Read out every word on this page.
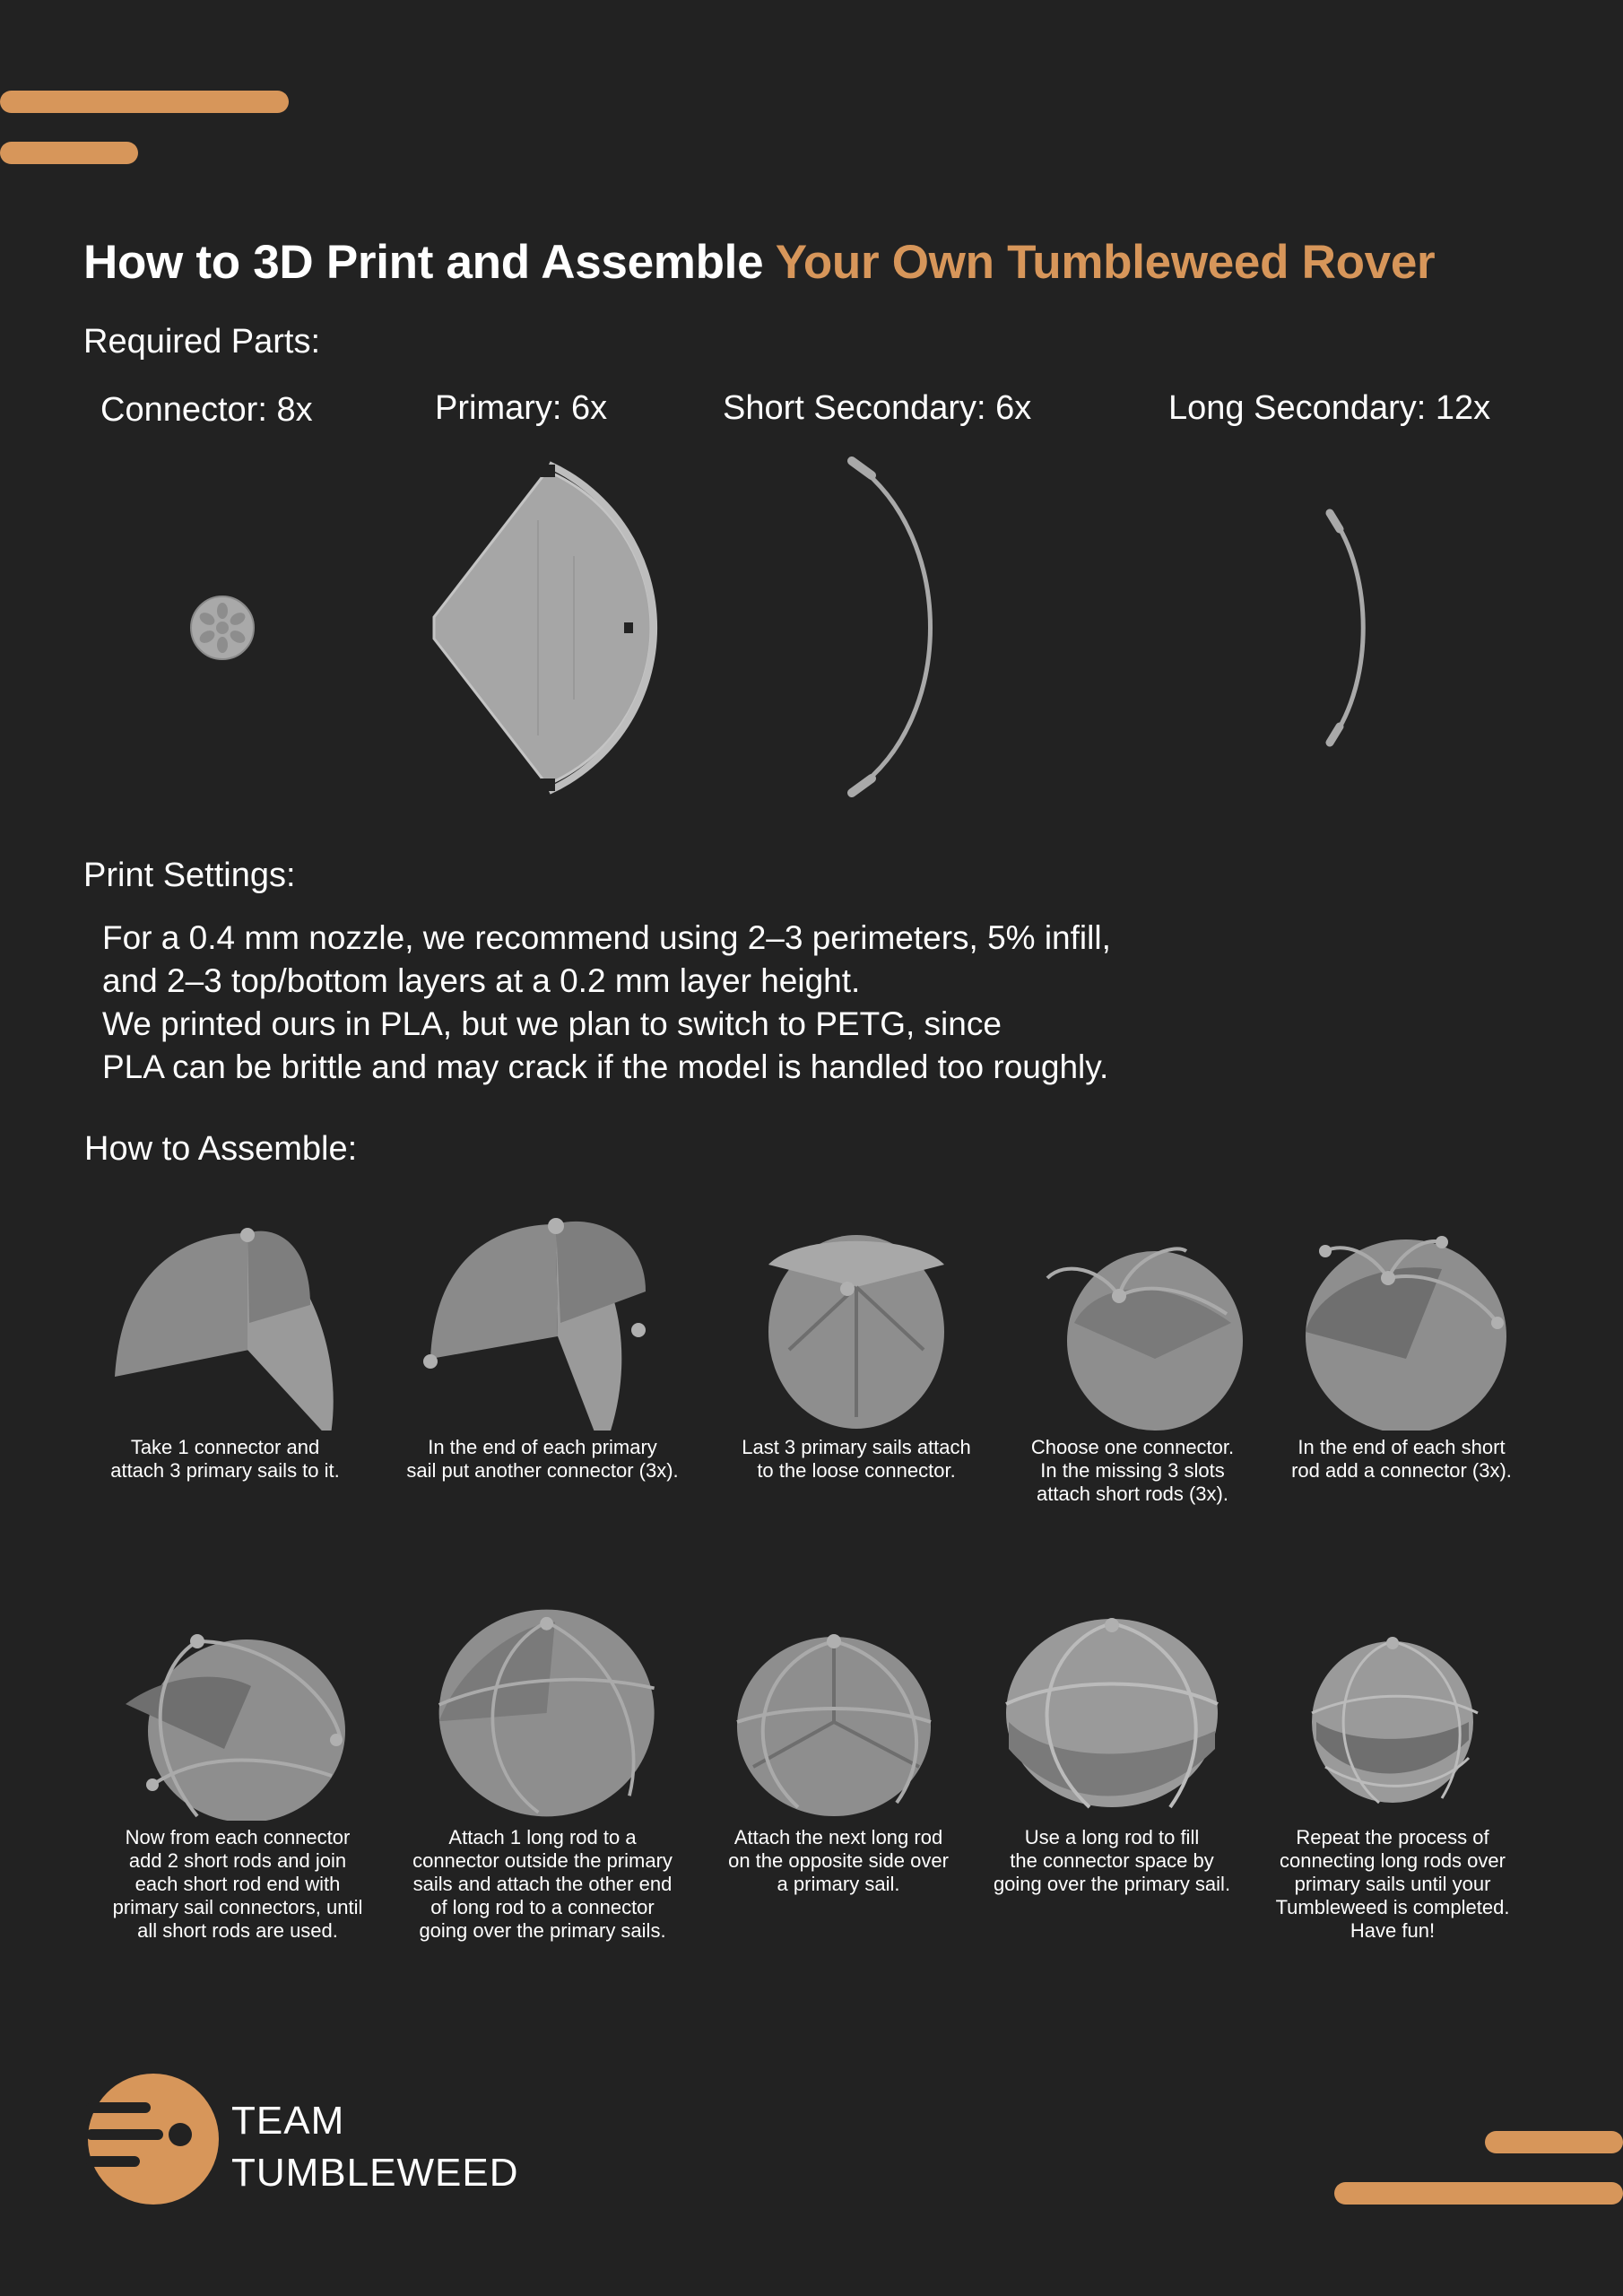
How to 3D Print and Assemble Your Own Tumbleweed Rover
Required Parts:
Connector: 8x	Primary: 6x	Short Secondary: 6x	Long Secondary: 12x
Print Settings:
For a 0.4 mm nozzle, we recommend using 2–3 perimeters, 5% infill,
and 2–3 top/bottom layers at a 0.2 mm layer height.
We printed ours in PLA, but we plan to switch to PETG, since
PLA can be brittle and may crack if the model is handled too roughly.
How to Assemble:
Take 1 connector and
attach 3 primary sails to it.
In the end of each primary
sail put another connector (3x).
Last 3 primary sails attach
to the loose connector.
Choose one connector.
In the missing 3 slots
attach short rods (3x).
In the end of each short
rod add a connector (3x).
Now from each connector
add 2 short rods and join
each short rod end with
primary sail connectors, until
all short rods are used.
Attach 1 long rod to a
connector outside the primary
sails and attach the other end
of long rod to a connector
going over the primary sails.
Attach the next long rod
on the opposite side over
a primary sail.
Use a long rod to fill
the connector space by
going over the primary sail.
Repeat the process of
connecting long rods over
primary sails until your
Tumbleweed is completed.
Have fun!
TEAM
TUMBLEWEED
